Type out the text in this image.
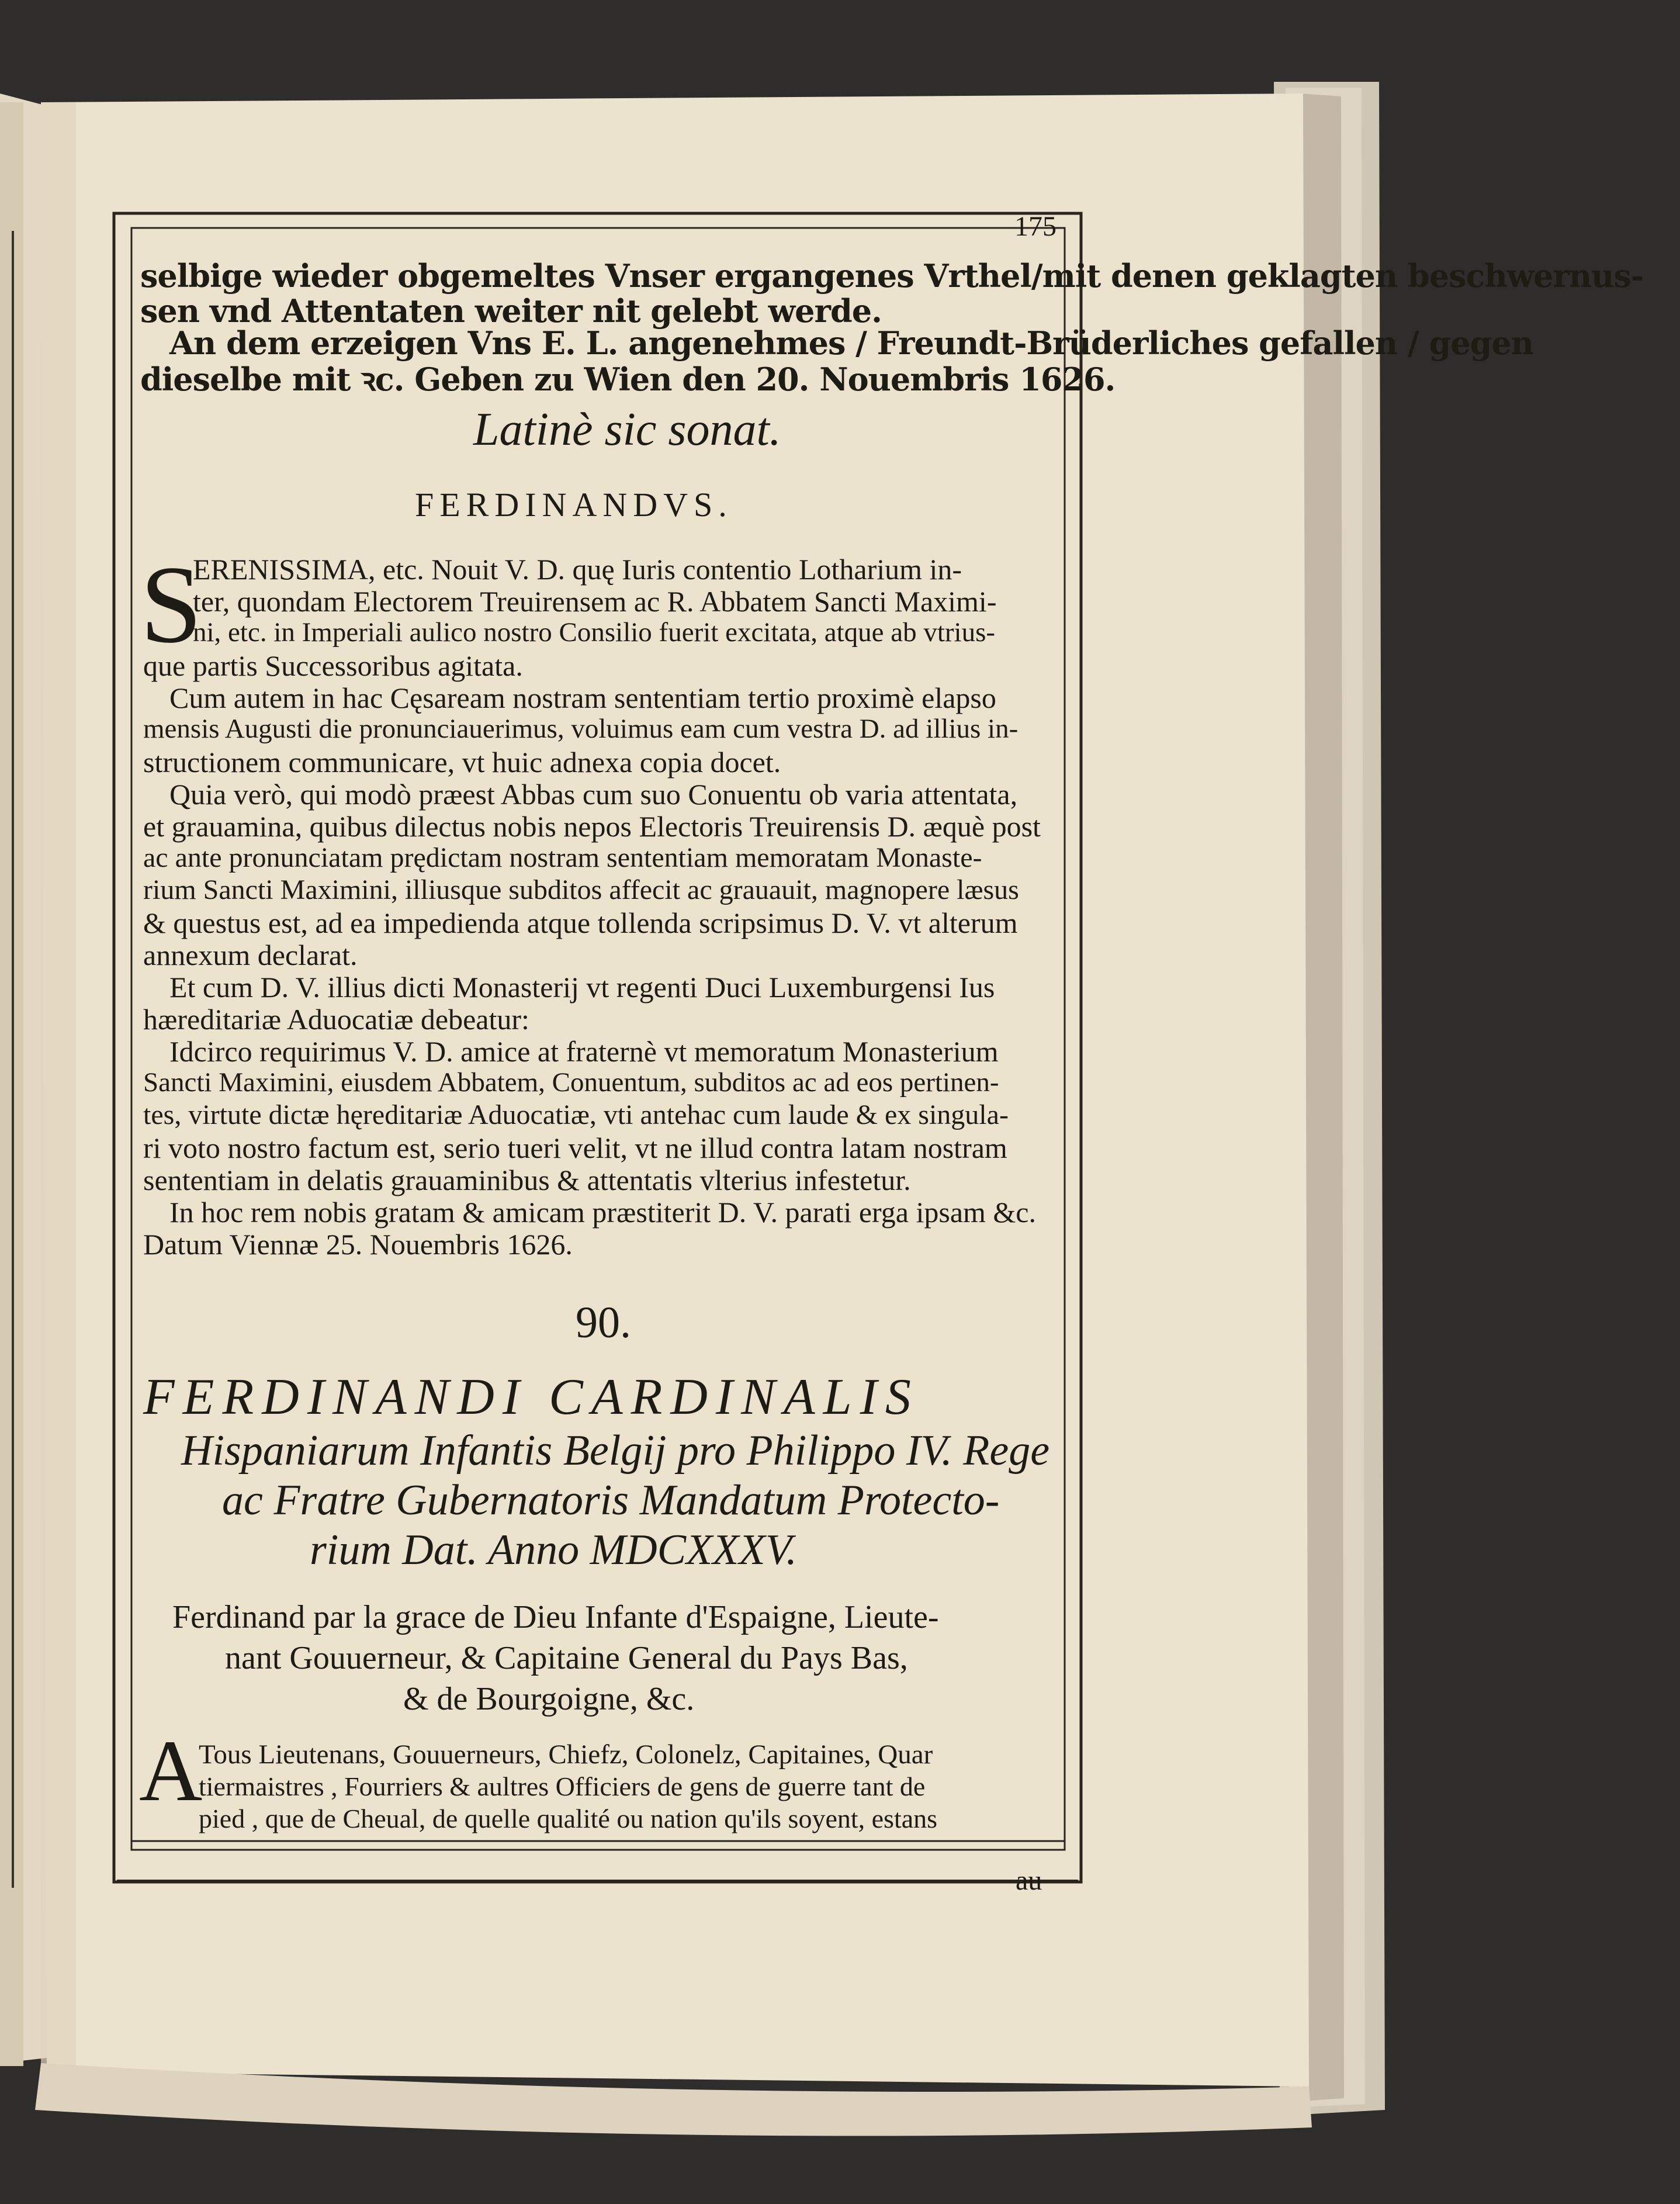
175
selbige wieder obgemeltes Vnser ergangenes Vrthel/mit denen geklagten beschwernus-
sen vnd Attentaten weiter nit gelebt werde.
An dem erzeigen Vns E. L. angenehmes / Freundt-Brüderliches gefallen / gegen
dieselbe mit ꝛc. Geben zu Wien den 20. Nouembris 1626.
Latinè sic sonat.
FERDINANDVS.
S
ERENISSIMA, etc. Nouit V. D. quę Iuris contentio Lotharium in-
ter, quondam Electorem Treuirensem ac R. Abbatem Sancti Maximi-
ni, etc. in Imperiali aulico nostro Consilio fuerit excitata, atque ab vtrius-
que partis Successoribus agitata.
Cum autem in hac Cęsaream nostram sententiam tertio proximè elapso
mensis Augusti die pronunciauerimus, voluimus eam cum vestra D. ad illius in-
structionem communicare, vt huic adnexa copia docet.
Quia verò, qui modò præest Abbas cum suo Conuentu ob varia attentata,
et grauamina, quibus dilectus nobis nepos Electoris Treuirensis D. æquè post
ac ante pronunciatam prędictam nostram sententiam memoratam Monaste-
rium Sancti Maximini, illiusque subditos affecit ac grauauit, magnopere læsus
& questus est, ad ea impedienda atque tollenda scripsimus D. V. vt alterum
annexum declarat.
Et cum D. V. illius dicti Monasterij vt regenti Duci Luxemburgensi Ius
hæreditariæ Aduocatiæ debeatur:
Idcirco requirimus V. D. amice at fraternè vt memoratum Monasterium
Sancti Maximini, eiusdem Abbatem, Conuentum, subditos ac ad eos pertinen-
tes, virtute dictæ hęreditariæ Aduocatiæ, vti antehac cum laude & ex singula-
ri voto nostro factum est, serio tueri velit, vt ne illud contra latam nostram
sententiam in delatis grauaminibus & attentatis vlterius infestetur.
In hoc rem nobis gratam & amicam præstiterit D. V. parati erga ipsam &c.
Datum Viennæ 25. Nouembris 1626.
90.
FERDINANDI CARDINALIS
Hispaniarum Infantis Belgij pro Philippo IV. Rege
ac Fratre Gubernatoris Mandatum Protecto-
rium Dat. Anno MDCXXXV.
Ferdinand par la grace de Dieu Infante d'Espaigne, Lieute-
nant Gouuerneur, & Capitaine General du Pays Bas,
& de Bourgoigne, &c.
A
Tous Lieutenans, Gouuerneurs, Chiefz, Colonelz, Capitaines, Quar
tiermaistres , Fourriers & aultres Officiers de gens de guerre tant de
pied , que de Cheual, de quelle qualité ou nation qu'ils soyent, estans
au
